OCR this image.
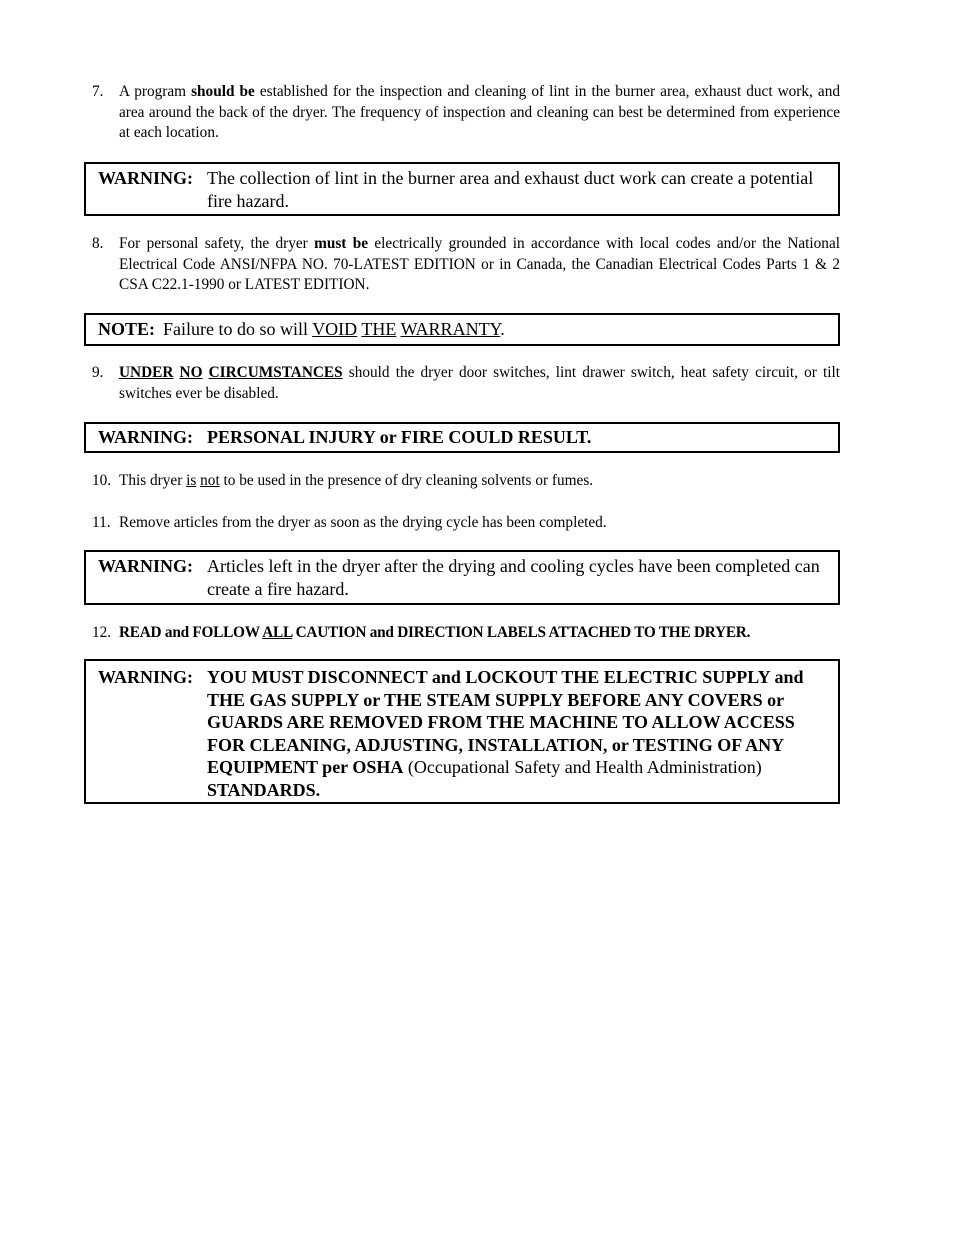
7.	A program should be established for the inspection and cleaning of lint in the burner area, exhaust duct work, and area around the back of the dryer. The frequency of inspection and cleaning can best be determined from experience at each location.
WARNING: The collection of lint in the burner area and exhaust duct work can create a potential fire hazard.
8.	For personal safety, the dryer must be electrically grounded in accordance with local codes and/or the National Electrical Code ANSI/NFPA NO. 70-LATEST EDITION or in Canada, the Canadian Electrical Codes Parts 1 & 2 CSA C22.1-1990 or LATEST EDITION.
NOTE: Failure to do so will VOID THE WARRANTY.
9.	UNDER NO CIRCUMSTANCES should the dryer door switches, lint drawer switch, heat safety circuit, or tilt switches ever be disabled.
WARNING: PERSONAL INJURY or FIRE COULD RESULT.
10. This dryer is not to be used in the presence of dry cleaning solvents or fumes.
11. Remove articles from the dryer as soon as the drying cycle has been completed.
WARNING: Articles left in the dryer after the drying and cooling cycles have been completed can create a fire hazard.
12. READ and FOLLOW ALL CAUTION and DIRECTION LABELS ATTACHED TO THE DRYER.
WARNING: YOU MUST DISCONNECT and LOCKOUT THE ELECTRIC SUPPLY and THE GAS SUPPLY or THE STEAM SUPPLY BEFORE ANY COVERS or GUARDS ARE REMOVED FROM THE MACHINE TO ALLOW ACCESS FOR CLEANING, ADJUSTING, INSTALLATION, or TESTING OF ANY EQUIPMENT per OSHA (Occupational Safety and Health Administration) STANDARDS.
